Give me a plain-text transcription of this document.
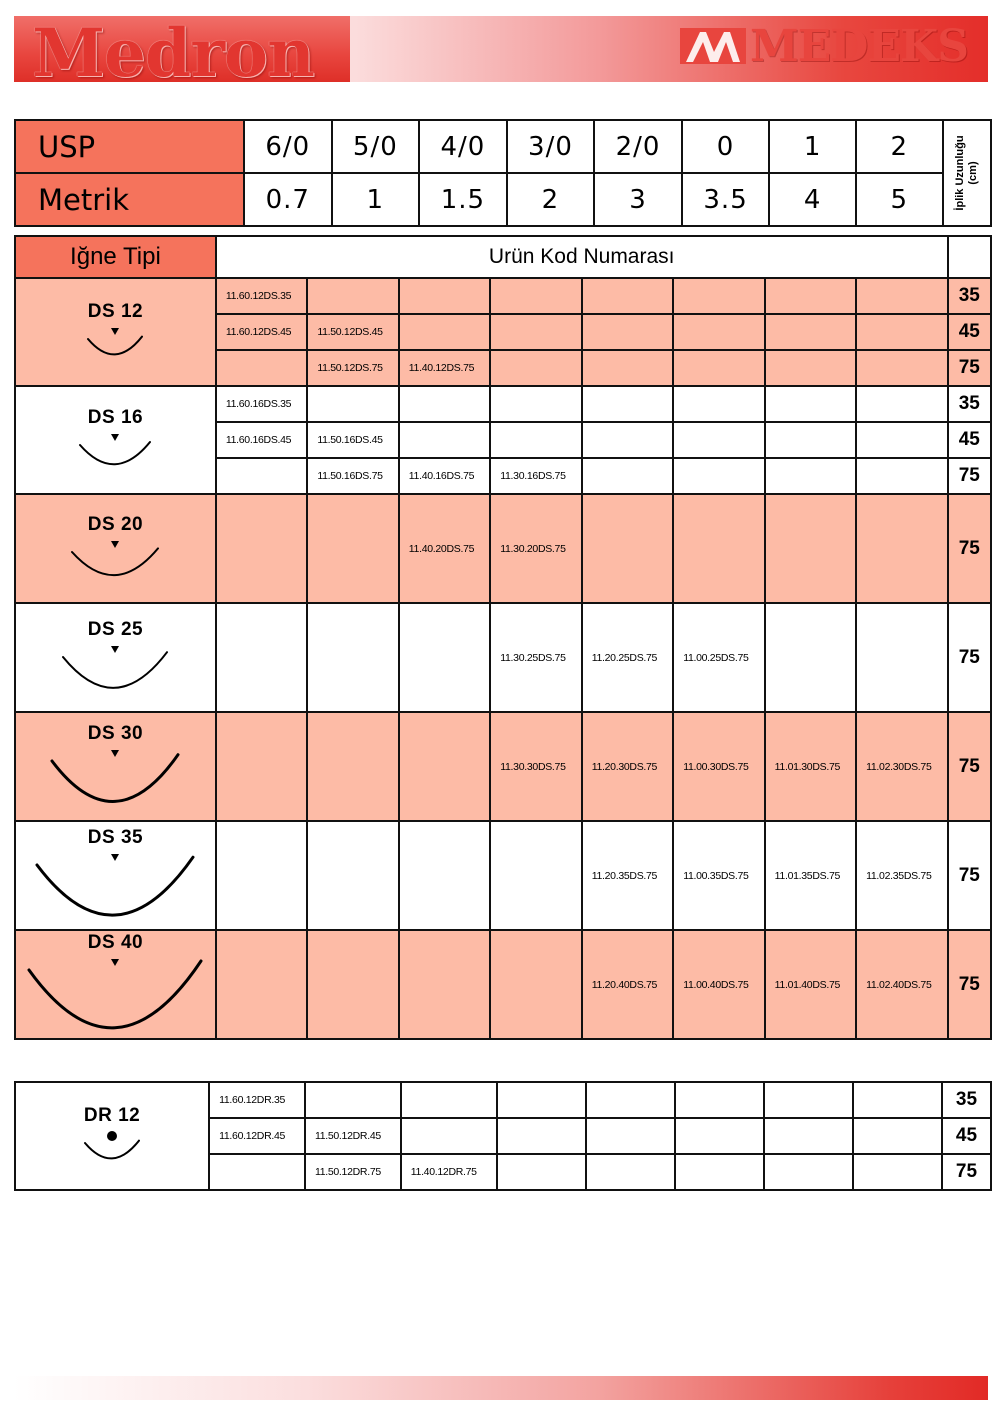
Medron	MEDEKS
USP	6/0	5/0	4/0	3/0	2/0	0	1	2	İplik Uzunluğu (cm)

Metrik	0.7	1	1.5	2	3	3.5	4	5	
Iğne Tipi	Urün Kod Numarası								

DS 12	11.60.12DS.35								35
	11.60.12DS.45	11.50.12DS.45							45
		11.50.12DS.75	11.40.12DS.75						75

DS 16	11.60.16DS.35								35
	11.60.16DS.45	11.50.16DS.45							45
		11.50.16DS.75	11.40.16DS.75	11.30.16DS.75					75

DS 20			11.40.20DS.75	11.30.20DS.75					75

DS 25				11.30.25DS.75	11.20.25DS.75	11.00.25DS.75			75

DS 30				11.30.30DS.75	11.20.30DS.75	11.00.30DS.75	11.01.30DS.75	11.02.30DS.75	75

DS 35					11.20.35DS.75	11.00.35DS.75	11.01.35DS.75	11.02.35DS.75	75

DS 40					11.20.40DS.75	11.00.40DS.75	11.01.40DS.75	11.02.40DS.75	75
DR 12	11.60.12DR.35								35
	11.60.12DR.45	11.50.12DR.45							45
		11.50.12DR.75	11.40.12DR.75						75
